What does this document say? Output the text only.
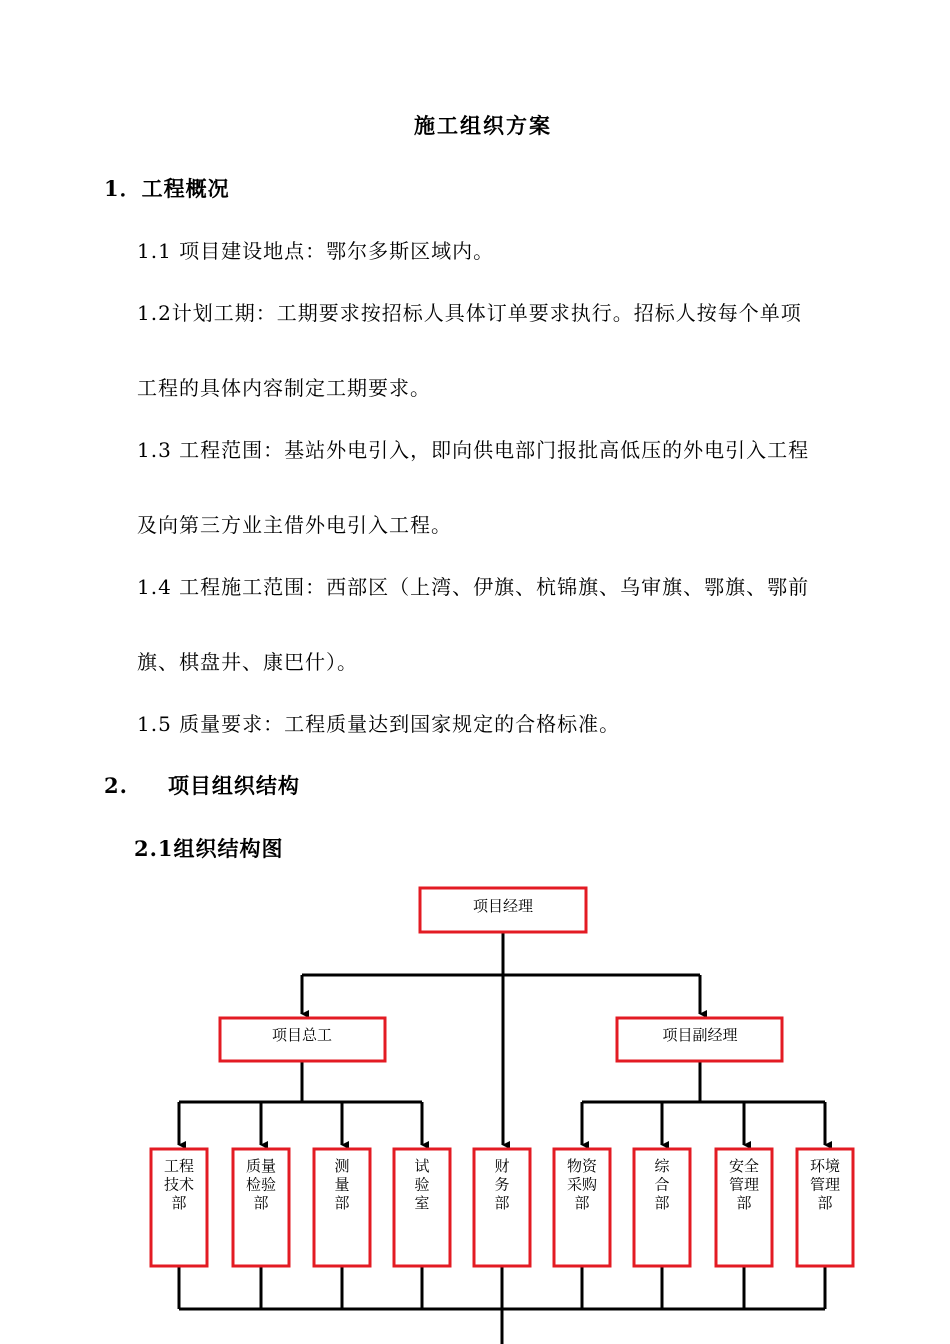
施工组织方案
1．工程概况
1.1 项目建设地点：鄂尔多斯区域内。
1.2计划工期：工期要求按招标人具体订单要求执行。招标人按每个单项
工程的具体内容制定工期要求。
1.3 工程范围：基站外电引入，即向供电部门报批高低压的外电引入工程
及向第三方业主借外电引入工程。
1.4 工程施工范围：西部区（上湾、伊旗、杭锦旗、乌审旗、鄂旗、鄂前
旗、棋盘井、康巴什）。
1.5 质量要求：工程质量达到国家规定的合格标准。
2. 项目组织结构
2.1组织结构图
项目经理
项目总工	项目副经理
工程
技术
部
质量
检验
部
测
量
部
试
验
室
财
务
部
物资
采购
部
综
合
部
安全
管理
部
环境
管理
部
